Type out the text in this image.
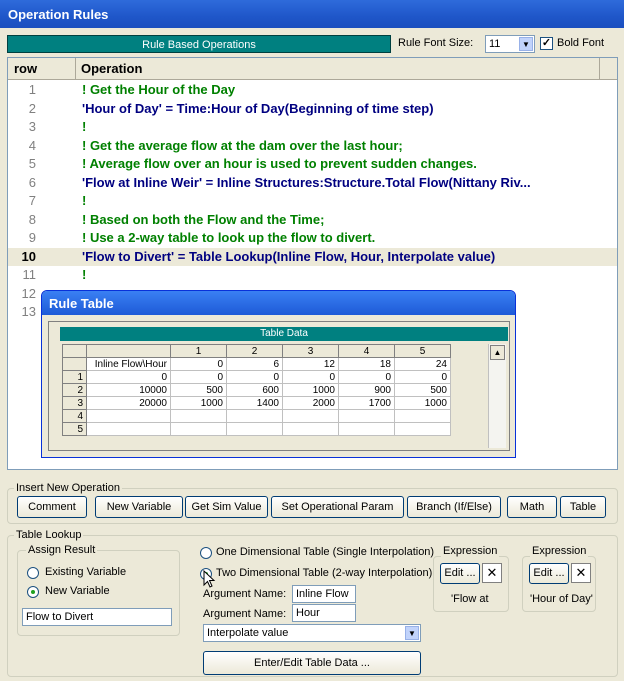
Operation Rules
Rule Based Operations	Rule Font Size:	11	▼ ✓ Bold Font
row	Operation
1	! Get the Hour of the Day
2	'Hour of Day' = Time:Hour of Day(Beginning of time step)
3	!
4	! Get the average flow at the dam over the last hour;
5	! Average flow over an hour is used to prevent sudden changes.
6	'Flow at Inline Weir' = Inline Structures:Structure.Total Flow(Nittany Riv...
7	!
8	! Based on both the Flow and the Time;
9	! Use a 2-way table to look up the flow to divert.
10	'Flow to Divert' = Table Lookup(Inline Flow, Hour, Interpolate value)
11	!
12
13
Rule Table
Table Data
		1	2	3	4	5
	Inline Flow\Hour	0	6	12	18	24
1	0	0	0	0	0	0
2	10000	500	600	1000	900	500
3	20000	1000	1400	2000	1700	1000
4						
5						
▲
Insert New Operation
Comment	New Variable	Get Sim Value	Set Operational Param	Branch (If/Else)	Math	Table
Table Lookup
Assign Result
Existing Variable
New Variable
Flow to Divert
One Dimensional Table (Single Interpolation)
Two Dimensional Table (2-way Interpolation)
Argument Name: Inline Flow
Argument Name: Hour
Interpolate value	▼
Enter/Edit Table Data ...
Expression
Edit ... ✕
'Flow at
Expression
Edit ... ✕
'Hour of Day'
